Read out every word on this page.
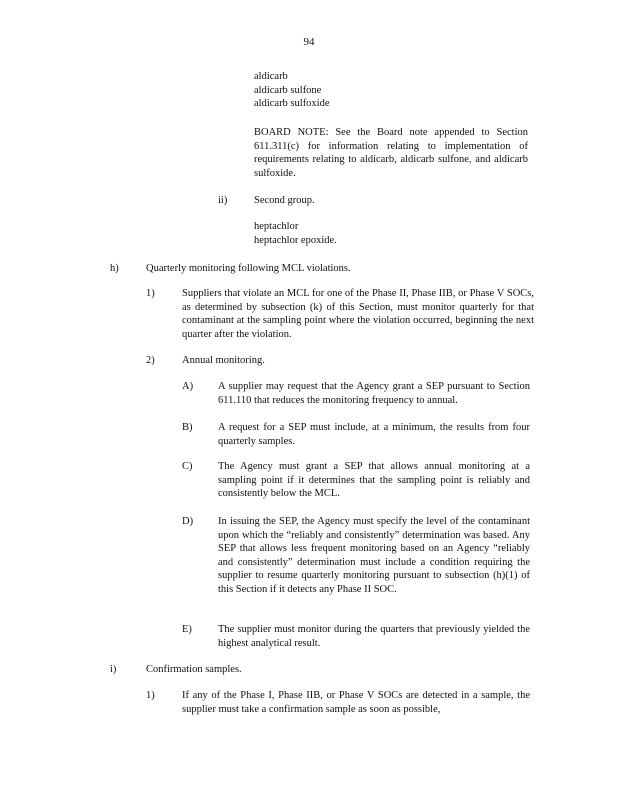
94
aldicarb
aldicarb sulfone
aldicarb sulfoxide
BOARD NOTE: See the Board note appended to Section 611.311(c) for information relating to implementation of requirements relating to aldicarb, aldicarb sulfone, and aldicarb sulfoxide.
ii)	Second group.
heptachlor
heptachlor epoxide.
h)	Quarterly monitoring following MCL violations.
1)	Suppliers that violate an MCL for one of the Phase II, Phase IIB, or Phase V SOCs, as determined by subsection (k) of this Section, must monitor quarterly for that contaminant at the sampling point where the violation occurred, beginning the next quarter after the violation.
2)	Annual monitoring.
A) A supplier may request that the Agency grant a SEP pursuant to Section 611.110 that reduces the monitoring frequency to annual.
B) A request for a SEP must include, at a minimum, the results from four quarterly samples.
C) The Agency must grant a SEP that allows annual monitoring at a sampling point if it determines that the sampling point is reliably and consistently below the MCL.
D) In issuing the SEP, the Agency must specify the level of the contaminant upon which the “reliably and consistently” determination was based. Any SEP that allows less frequent monitoring based on an Agency “reliably and consistently” determination must include a condition requiring the supplier to resume quarterly monitoring pursuant to subsection (h)(1) of this Section if it detects any Phase II SOC.
E) The supplier must monitor during the quarters that previously yielded the highest analytical result.
i)	Confirmation samples.
1)	If any of the Phase I, Phase IIB, or Phase V SOCs are detected in a sample, the supplier must take a confirmation sample as soon as possible,
